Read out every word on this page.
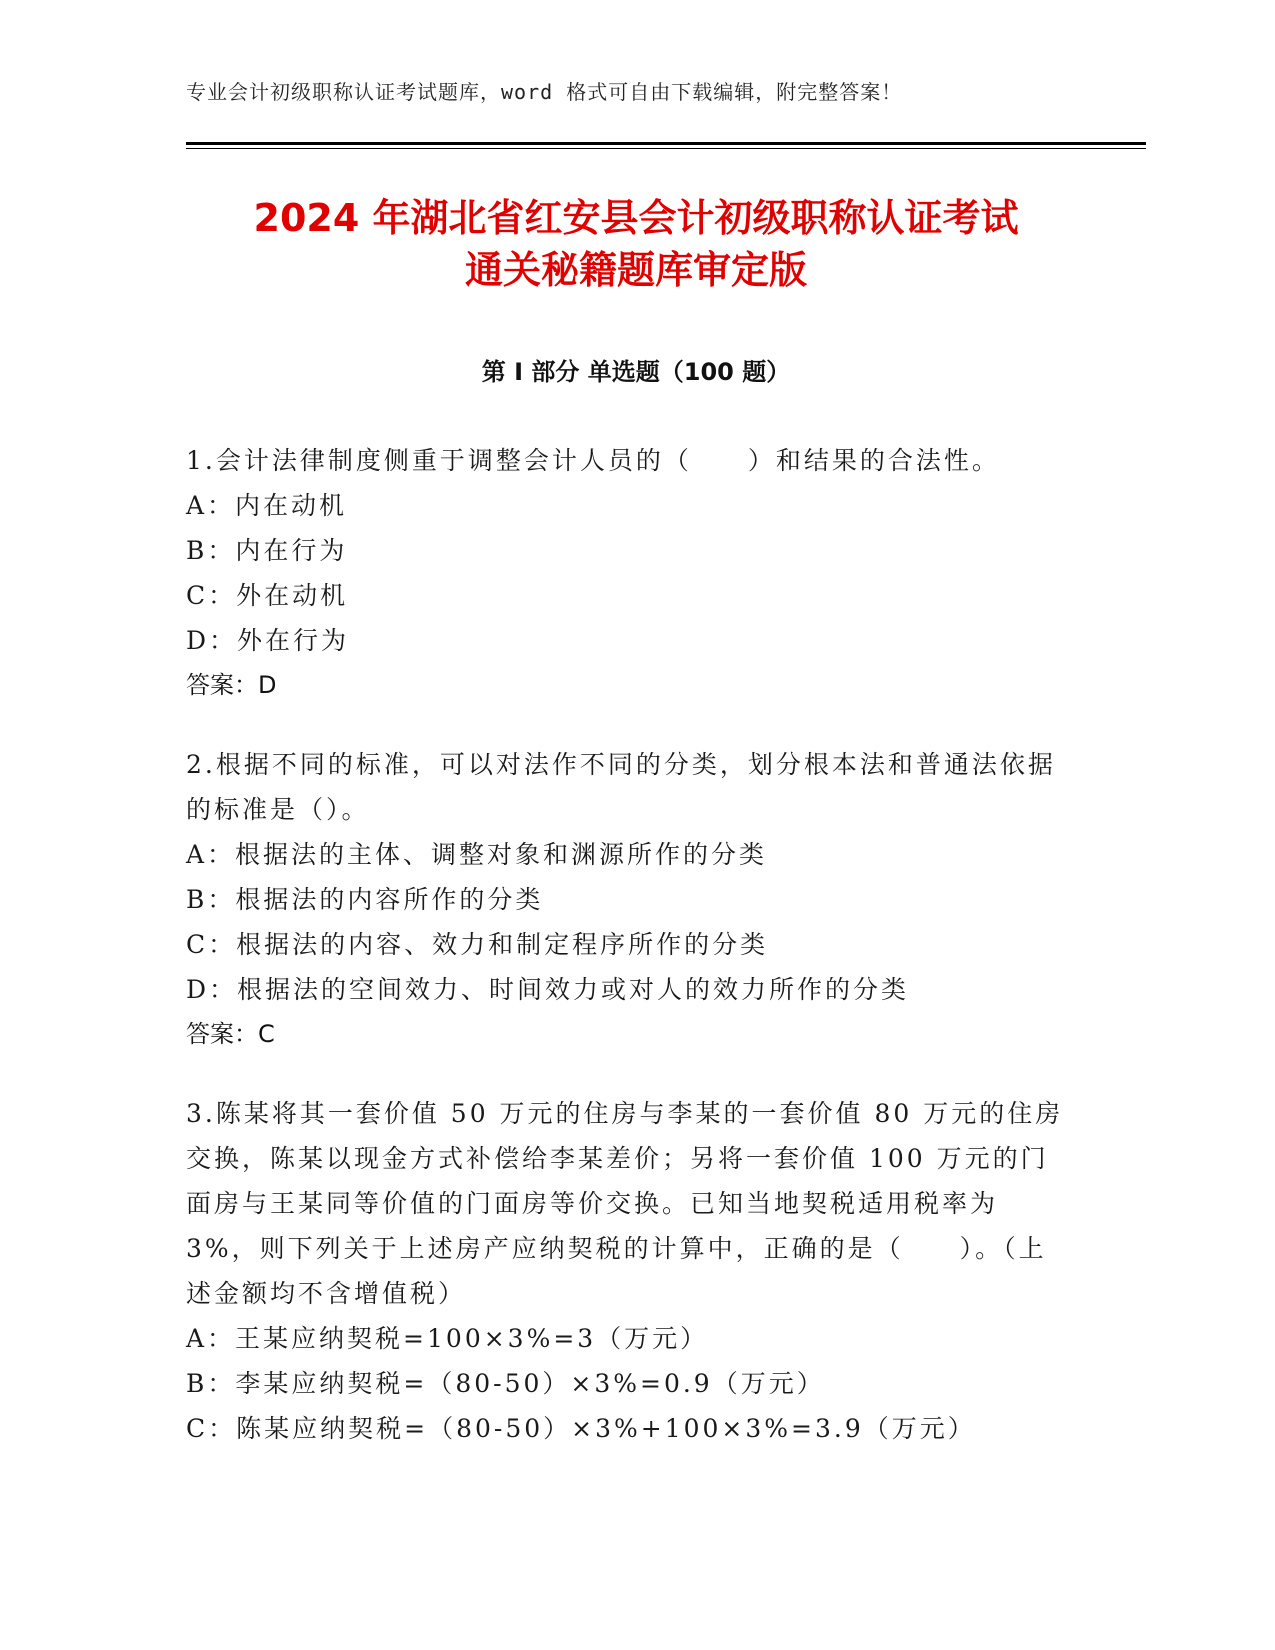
专业会计初级职称认证考试题库，word 格式可自由下载编辑，附完整答案！
2024 年湖北省红安县会计初级职称认证考试
通关秘籍题库审定版
第 I 部分 单选题（100 题）

1.会计法律制度侧重于调整会计人员的（　　）和结果的合法性。

A：内在动机

B：内在行为

C：外在动机

D：外在行为

答案：D

2.根据不同的标准，可以对法作不同的分类，划分根本法和普通法依据的标准是（）。

A：根据法的主体、调整对象和渊源所作的分类

B：根据法的内容所作的分类

C：根据法的内容、效力和制定程序所作的分类

D：根据法的空间效力、时间效力或对人的效力所作的分类

答案：C

3.陈某将其一套价值 50 万元的住房与李某的一套价值 80 万元的住房交换，陈某以现金方式补偿给李某差价；另将一套价值 100 万元的门面房与王某同等价值的门面房等价交换。已知当地契税适用税率为 3%，则下列关于上述房产应纳契税的计算中，正确的是（　　）。（上述金额均不含增值税）

A：王某应纳契税=100×3%=3（万元）

B：李某应纳契税=（80-50）×3%=0.9（万元）

C：陈某应纳契税=（80-50）×3%+100×3%=3.9（万元）
